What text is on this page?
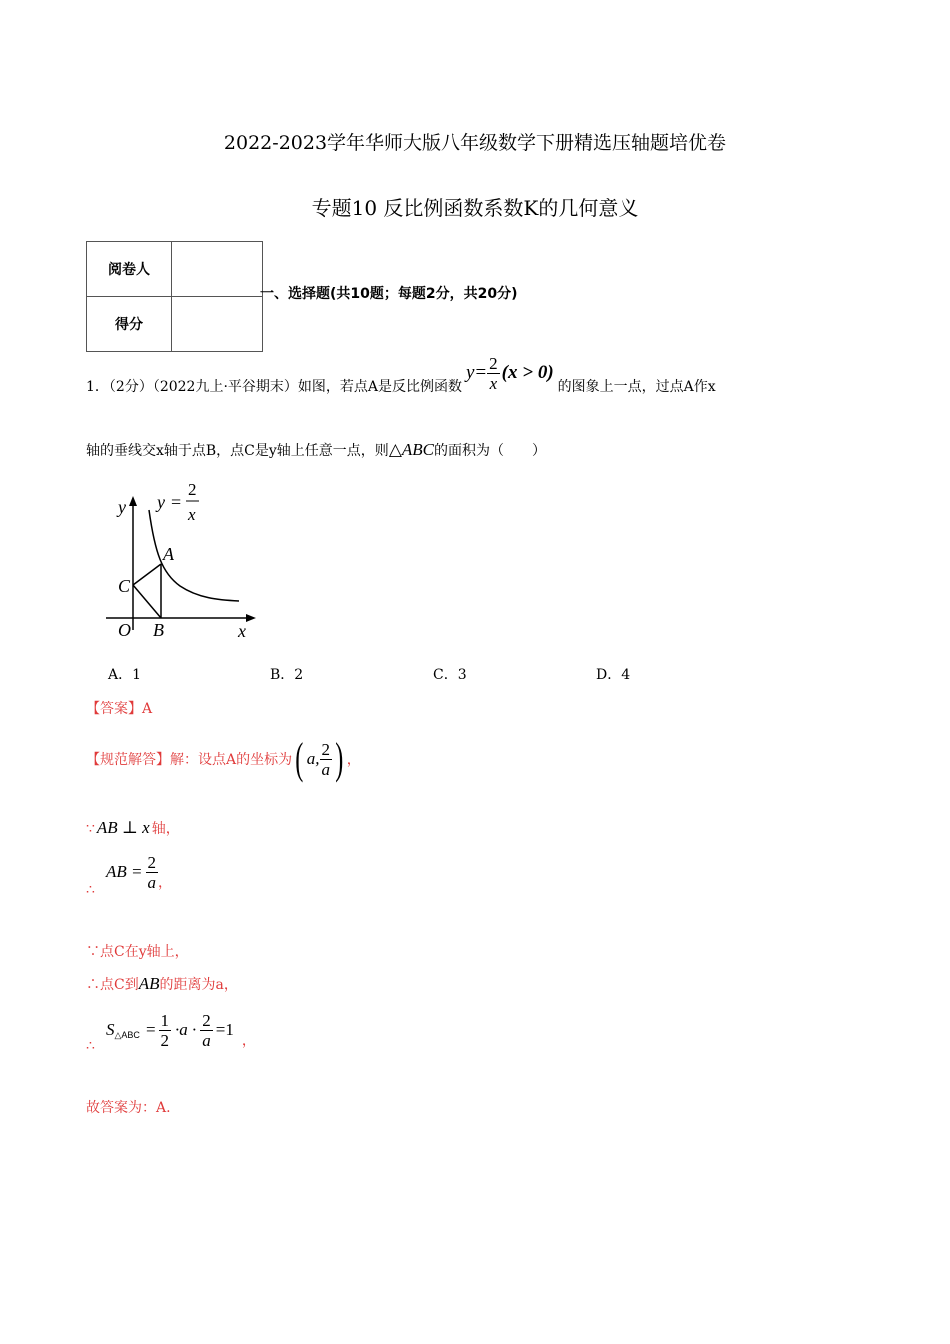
2022-2023学年华师大版八年级数学下册精选压轴题培优卷
专题10 反比例函数系数K的几何意义
阅卷人	
得分	
一、选择题(共10题；每题2分，共20分)
1．（2分）（2022九上·平谷期末）如图，若点A是反比例函数
$y = \frac{2}{x} (x > 0)$
的图象上一点，过点A作x
轴的垂线交x轴于点B，点C是y轴上任意一点，则△ABC的面积为（　　）
y
x
O B
C
A
y =
2
x
A．1	B．2	C．3	D．4
【答案】A
【规范解答】解：设点A的坐标为 ( a, $\frac{2}{a}$ ) ，
∵ AB ⊥ x 轴，
∴
AB = $\frac{2}{a}$ ，
∵点C在y轴上，
∴点C到AB的距离为a，
∴
S △ABC = $\frac{1}{2} \cdot a \cdot \frac{2}{a} =1$
，
故答案为：A.
